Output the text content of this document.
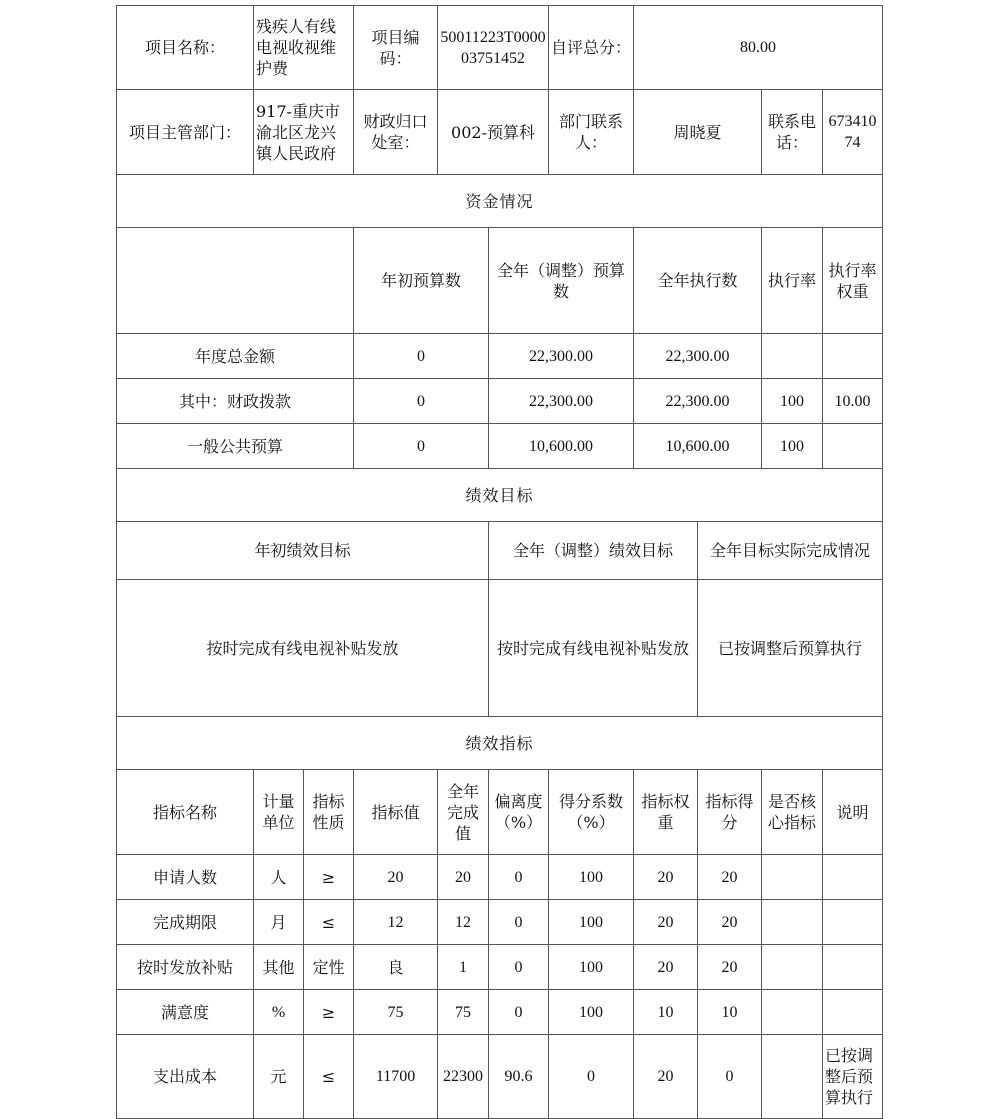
项目名称：	残疾人有线电视收视维护费		项目编码：	50011223T000003751452		自评总分：	80.00				
项目主管部门：	917-重庆市渝北区龙兴镇人民政府		财政归口处室：	002-预算科		部门联系人：	周晓夏		联系电话：	67341074	
资金情况											
			年初预算数		全年（调整）预算数		全年执行数		执行率	执行率权重	
年度总金额			0		22,300.00		22,300.00				
其中：财政拨款			0		22,300.00		22,300.00		100	10.00	
一般公共预算			0		10,600.00		10,600.00		100		
绩效目标											
年初绩效目标					全年（调整）绩效目标			全年目标实际完成情况			
按时完成有线电视补贴发放					按时完成有线电视补贴发放			已按调整后预算执行			
绩效指标											
指标名称	计量单位	指标性质	指标值	全年完成值	偏离度（%）	得分系数（%）	指标权重	指标得分	是否核心指标	说明	
申请人数	人	≥	20	20	0	100	20	20			
完成期限	月	≤	12	12	0	100	20	20			
按时发放补贴	其他	定性	良	1	0	100	20	20			
满意度	%	≥	75	75	0	100	10	10			
支出成本	元	≤	11700	22300	90.6	0	20	0		已按调整后预算执行	
